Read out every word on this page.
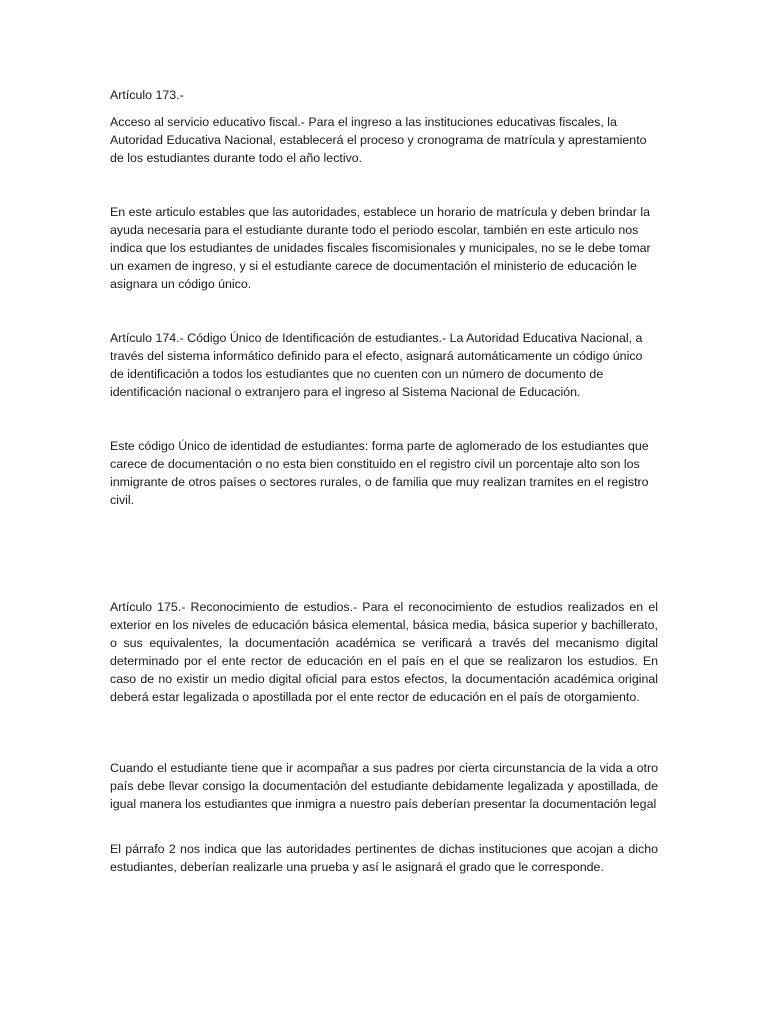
Artículo 173.-

Acceso al servicio educativo fiscal.- Para el ingreso a las instituciones educativas fiscales, la Autoridad Educativa Nacional, establecerá el proceso y cronograma de matrícula y aprestamiento de los estudiantes durante todo el año lectivo.

En este articulo estables que las autoridades, establece un horario de matrícula y deben brindar la ayuda necesaria para el estudiante durante todo el periodo escolar, también en este articulo nos indica que los estudiantes de unidades fiscales fiscomisionales y municipales, no se le debe tomar un examen de ingreso, y si el estudiante carece de documentación el ministerio de educación le asignara un código único.

Artículo 174.- Código Único de Identificación de estudiantes.- La Autoridad Educativa Nacional, a través del sistema informático definido para el efecto, asignará automáticamente un código único de identificación a todos los estudiantes que no cuenten con un número de documento de identificación nacional o extranjero para el ingreso al Sistema Nacional de Educación.

Este código Único de identidad de estudiantes: forma parte de aglomerado de los estudiantes que carece de documentación o no esta bien constituido en el registro civil un porcentaje alto son los inmigrante de otros países o sectores rurales, o de familia que muy realizan tramites en el registro civil.

Artículo 175.- Reconocimiento de estudios.- Para el reconocimiento de estudios realizados en el exterior en los niveles de educación básica elemental, básica media, básica superior y bachillerato, o sus equivalentes, la documentación académica se verificará a través del mecanismo digital determinado por el ente rector de educación en el país en el que se realizaron los estudios. En caso de no existir un medio digital oficial para estos efectos, la documentación académica original deberá estar legalizada o apostillada por el ente rector de educación en el país de otorgamiento.

Cuando el estudiante tiene que ir acompañar a sus padres por cierta circunstancia de la vida a otro país debe llevar consigo la documentación del estudiante debidamente legalizada y apostillada, de igual manera los estudiantes que inmigra a nuestro país deberían presentar la documentación legal

El párrafo 2 nos indica que las autoridades pertinentes de dichas instituciones que acojan a dicho estudiantes, deberían realizarle una prueba y así le asignará el grado que le corresponde.
